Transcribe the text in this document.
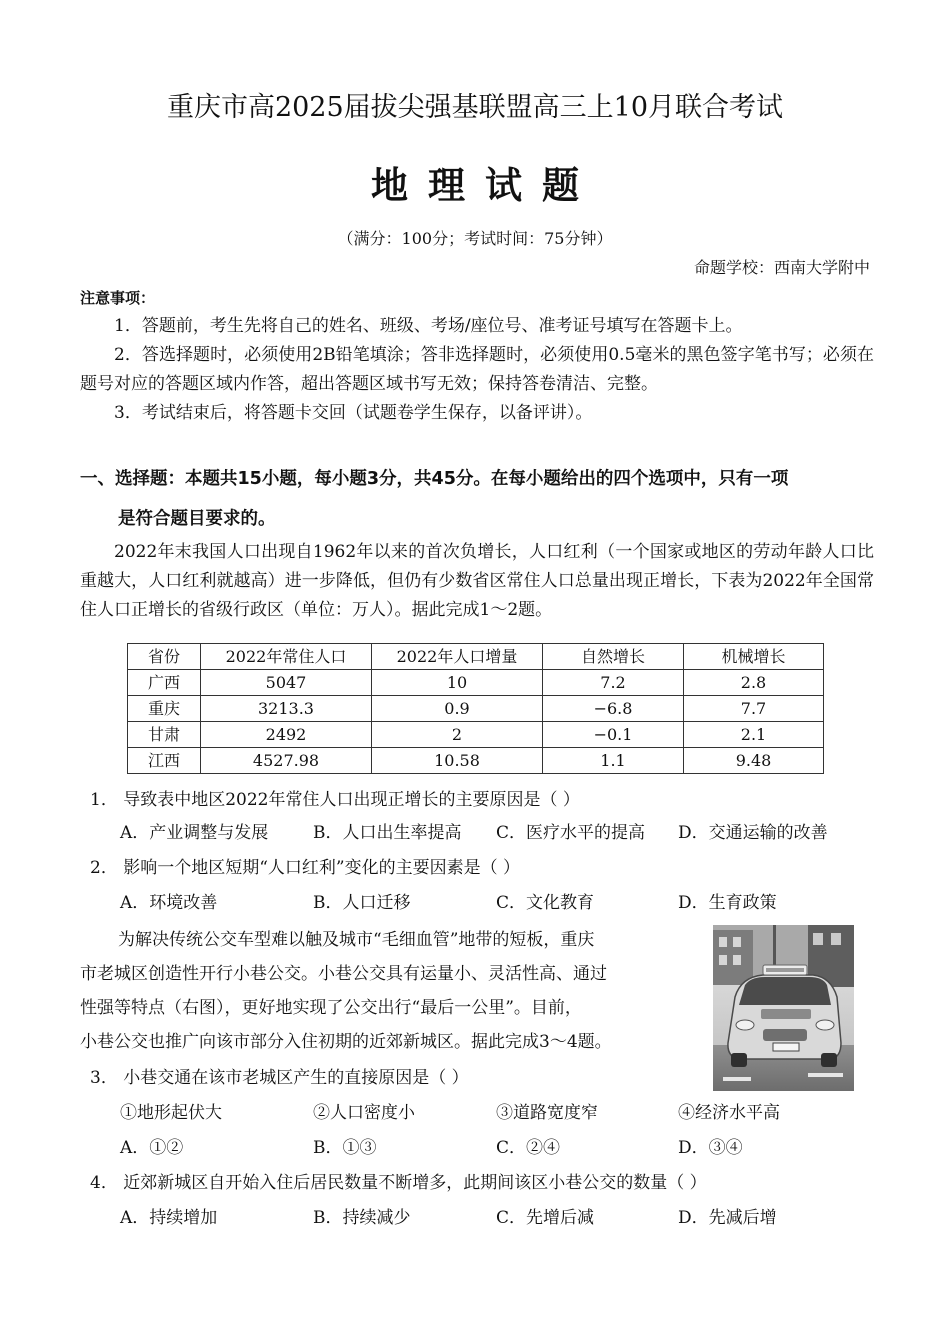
重庆市高2025届拔尖强基联盟高三上10月联合考试
地理试题
（满分：100分；考试时间：75分钟）
命题学校：西南大学附中
注意事项：
1．答题前，考生先将自己的姓名、班级、考场/座位号、准考证号填写在答题卡上。
2．答选择题时，必须使用2B铅笔填涂；答非选择题时，必须使用0.5毫米的黑色签字笔书写；必须在题号对应的答题区域内作答，超出答题区域书写无效；保持答卷清洁、完整。
3．考试结束后，将答题卡交回（试题卷学生保存，以备评讲）。
一、选择题：本题共15小题，每小题3分，共45分。在每小题给出的四个选项中，只有一项
是符合题目要求的。
2022年末我国人口出现自1962年以来的首次负增长，人口红利（一个国家或地区的劳动年龄人口比重越大，人口红利就越高）进一步降低，但仍有少数省区常住人口总量出现正增长，下表为2022年全国常住人口正增长的省级行政区（单位：万人）。据此完成1～2题。
省份	2022年常住人口	2022年人口增量	自然增长	机械增长
广西	5047	10	7.2	2.8
重庆	3213.3	0.9	−6.8	7.7
甘肃	2492	2	−0.1	2.1
江西	4527.98	10.58	1.1	9.48
1． 导致表中地区2022年常住人口出现正增长的主要原因是（ ）
A．产业调整与发展	B．人口出生率提高 C．医疗水平的提高 D．交通运输的改善
2． 影响一个地区短期“人口红利”变化的主要因素是（ ）
A．环境改善	B．人口迁移	C．文化教育	D．生育政策
为解决传统公交车型难以触及城市“毛细血管”地带的短板，重庆
市老城区创造性开行小巷公交。小巷公交具有运量小、灵活性高、通过
性强等特点（右图），更好地实现了公交出行“最后一公里”。目前，
小巷公交也推广向该市部分入住初期的近郊新城区。据此完成3～4题。
3． 小巷交通在该市老城区产生的直接原因是（ ）
①地形起伏大	②人口密度小	③道路宽度窄	④经济水平高
A．①②	B．①③	C．②④	D．③④
4． 近郊新城区自开始入住后居民数量不断增多，此期间该区小巷公交的数量（ ）
A．持续增加	B．持续减少	C．先增后减	D．先减后增
